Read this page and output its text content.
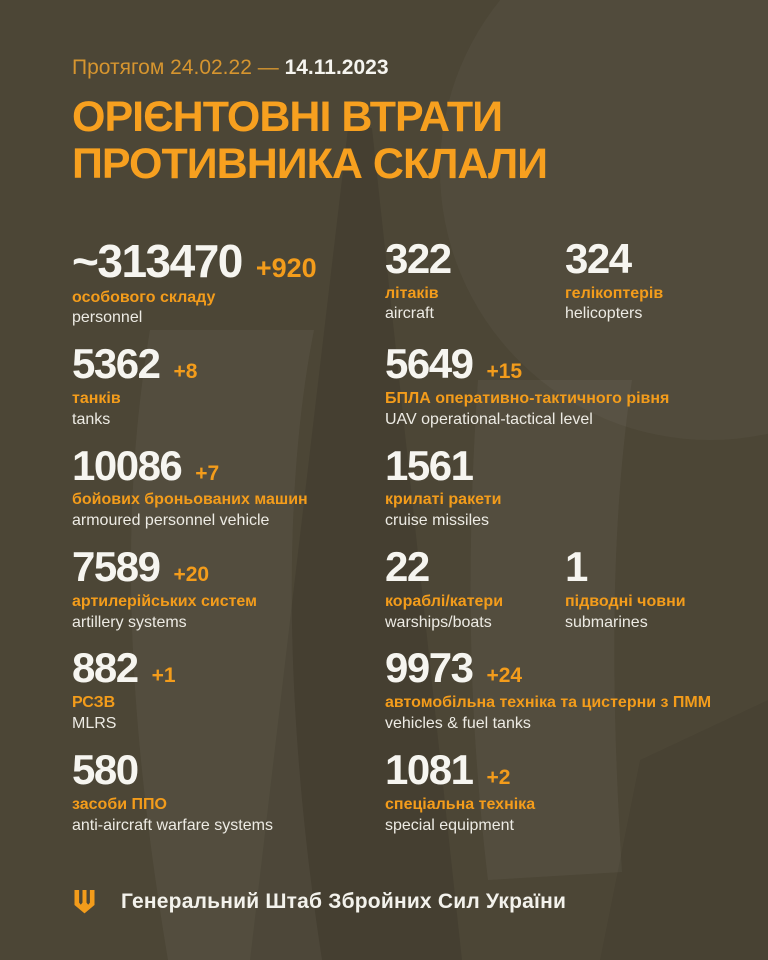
Протягом 24.02.22 — 14.11.2023
ОРІЄНТОВНІ ВТРАТИ
ПРОТИВНИКА СКЛАЛИ
~313470 +920
особового складу
personnel
322
літаків
aircraft
324
гелікоптерів
helicopters
5362 +8
танків
tanks
5649 +15
БПЛА оперативно-тактичного рівня
UAV operational-tactical level
10086 +7
бойових броньованих машин
armoured personnel vehicle
1561
крилаті ракети
cruise missiles
7589 +20
артилерійських систем
artillery systems
22
кораблі/катери
warships/boats
1
підводні човни
submarines
882 +1
РСЗВ
MLRS
9973 +24
автомобільна техніка та цистерни з ПММ
vehicles & fuel tanks
580
засоби ППО
anti-aircraft warfare systems
1081 +2
спеціальна техніка
special equipment
Генеральний Штаб Збройних Сил України
